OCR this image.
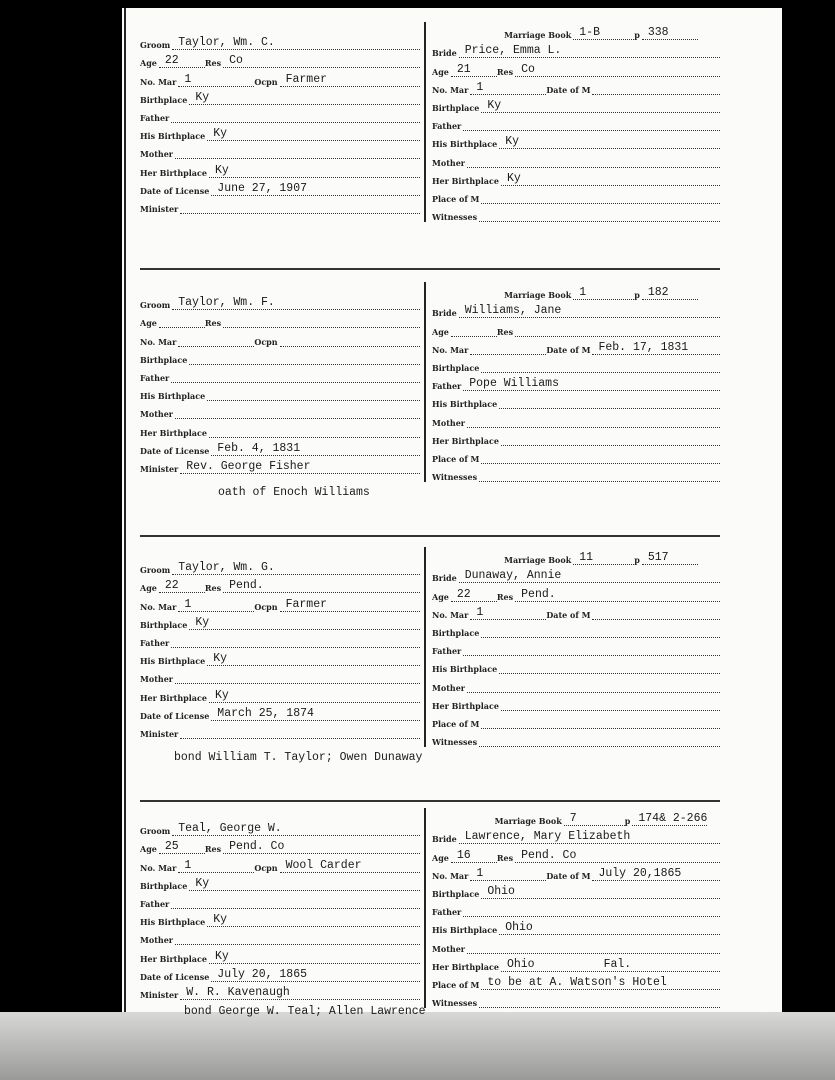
Groom Taylor, Wm. C.
Age 22	Res Co
No. Mar 1	Ocpn Farmer
Birthplace Ky
Father
His Birthplace Ky
Mother
Her Birthplace Ky
Date of License June 27, 1907
Minister
Marriage Book 1-B	p 338
Bride Price, Emma L.
Age 21	Res Co
No. Mar 1	Date of M
Birthplace Ky
Father
His Birthplace Ky
Mother
Her Birthplace Ky
Place of M
Witnesses
Groom Taylor, Wm. F.
Age	Res
No. Mar	Ocpn
Birthplace
Father
His Birthplace
Mother
Her Birthplace
Date of License Feb. 4, 1831
Minister Rev. George Fisher
Marriage Book 1	p 182
Bride Williams, Jane
Age	Res
No. Mar	Date of M Feb. 17, 1831
Birthplace
Father Pope Williams
His Birthplace
Mother
Her Birthplace
Place of M
Witnesses
oath of Enoch Williams
Groom Taylor, Wm. G.
Age 22	Res Pend.
No. Mar 1	Ocpn Farmer
Birthplace Ky
Father
His Birthplace Ky
Mother
Her Birthplace Ky
Date of License March 25, 1874
Minister
Marriage Book 11	p 517
Bride Dunaway, Annie
Age 22	Res Pend.
No. Mar 1	Date of M
Birthplace
Father
His Birthplace
Mother
Her Birthplace
Place of M
Witnesses
bond William T. Taylor; Owen Dunaway
Groom Teal, George W.
Age 25	Res Pend. Co
No. Mar 1	Ocpn Wool Carder
Birthplace Ky
Father
His Birthplace Ky
Mother
Her Birthplace Ky
Date of License July 20, 1865
Minister W. R. Kavenaugh
Marriage Book 7	p 174& 2-266
Bride Lawrence, Mary Elizabeth
Age 16	Res Pend. Co
No. Mar 1	Date of M July 20,1865
Birthplace Ohio
Father
His Birthplace Ohio
Mother
Her Birthplace Ohio          Fal.
Place of M to be at A. Watson's Hotel
Witnesses
bond George W. Teal; Allen Lawrence
